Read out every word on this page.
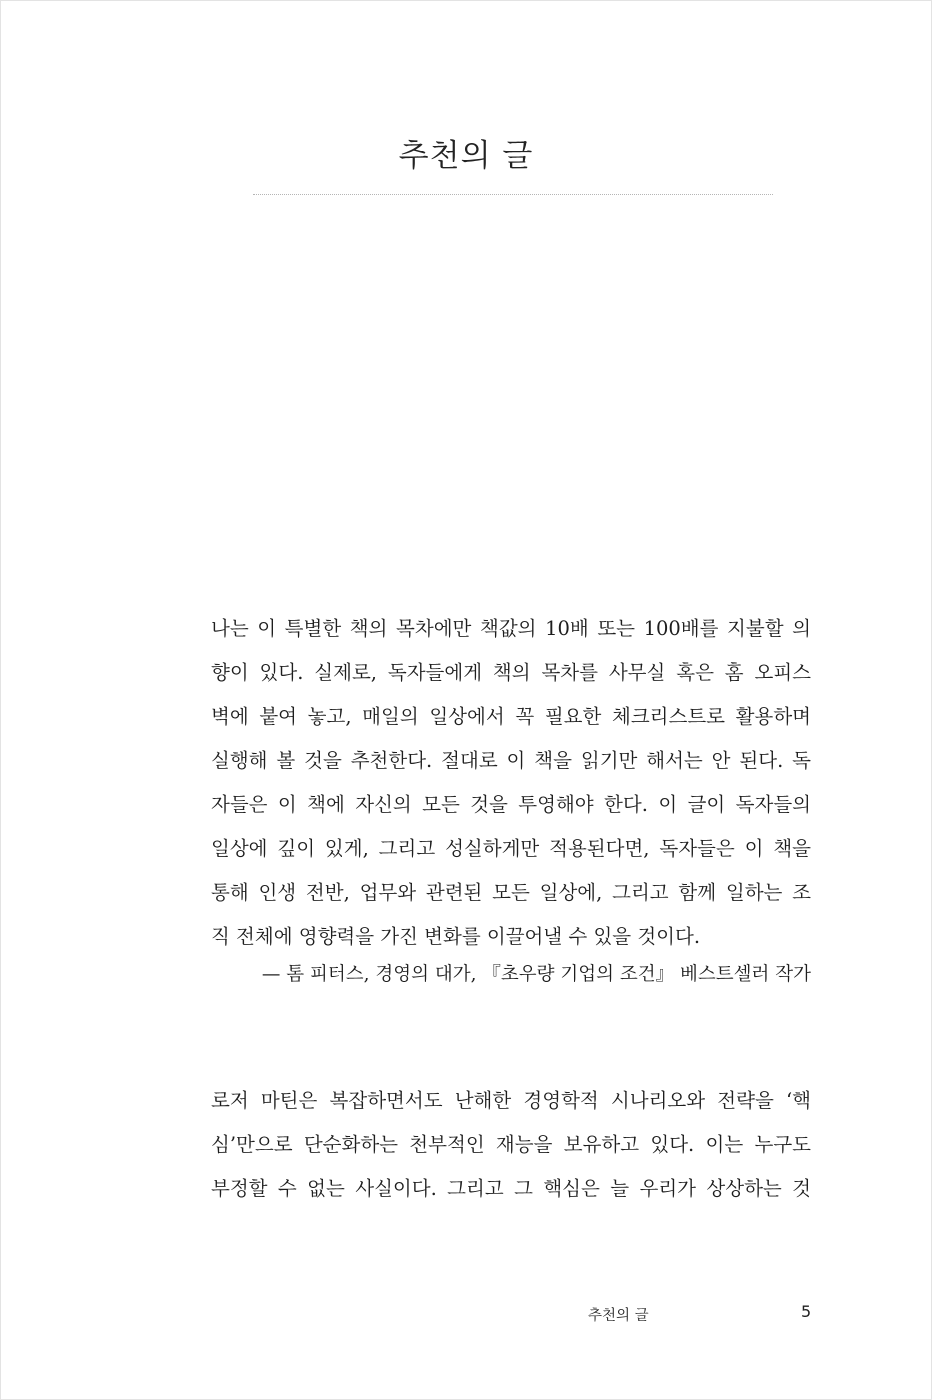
추천의 글
나는 이 특별한 책의 목차에만 책값의 10배 또는 100배를 지불할 의
향이 있다. 실제로, 독자들에게 책의 목차를 사무실 혹은 홈 오피스
벽에 붙여 놓고, 매일의 일상에서 꼭 필요한 체크리스트로 활용하며
실행해 볼 것을 추천한다. 절대로 이 책을 읽기만 해서는 안 된다. 독
자들은 이 책에 자신의 모든 것을 투영해야 한다. 이 글이 독자들의
일상에 깊이 있게, 그리고 성실하게만 적용된다면, 독자들은 이 책을
통해 인생 전반, 업무와 관련된 모든 일상에, 그리고 함께 일하는 조
직 전체에 영향력을 가진 변화를 이끌어낼 수 있을 것이다.
— 톰 피터스, 경영의 대가, 『초우량 기업의 조건』 베스트셀러 작가
로저 마틴은 복잡하면서도 난해한 경영학적 시나리오와 전략을 ‘핵
심’만으로 단순화하는 천부적인 재능을 보유하고 있다. 이는 누구도
부정할 수 없는 사실이다. 그리고 그 핵심은 늘 우리가 상상하는 것
추천의 글	5
